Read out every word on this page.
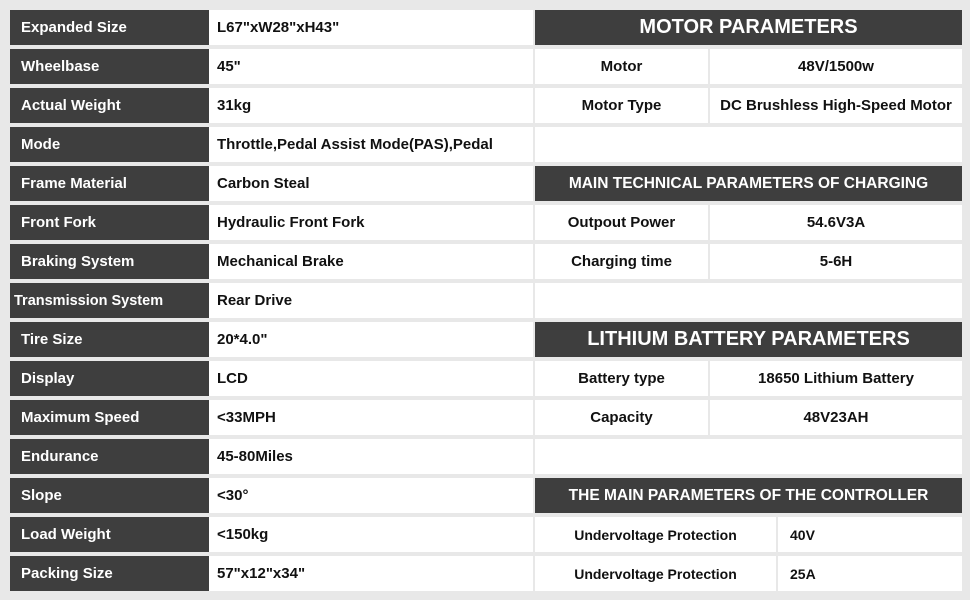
Expanded Size	L67"xW28"xH43"
Wheelbase	45"
Actual Weight	31kg
Mode	Throttle,Pedal Assist Mode(PAS),Pedal
Frame Material	Carbon Steal
Front Fork	Hydraulic Front Fork
Braking System	Mechanical Brake
Transmission System	Rear Drive
Tire Size	20*4.0"
Display	LCD
Maximum Speed	<33MPH
Endurance	45-80Miles
Slope	<30°
Load Weight	<150kg
Packing Size	57"x12"x34"
MOTOR PARAMETERS
Motor	48V/1500w
Motor Type	DC Brushless High-Speed Motor
MAIN TECHNICAL PARAMETERS OF CHARGING
Outpout Power	54.6V3A
Charging time	5-6H
LITHIUM BATTERY PARAMETERS
Battery type	18650 Lithium Battery
Capacity	48V23AH
THE MAIN PARAMETERS OF THE CONTROLLER
Undervoltage Protection	40V
Undervoltage Protection	25A
